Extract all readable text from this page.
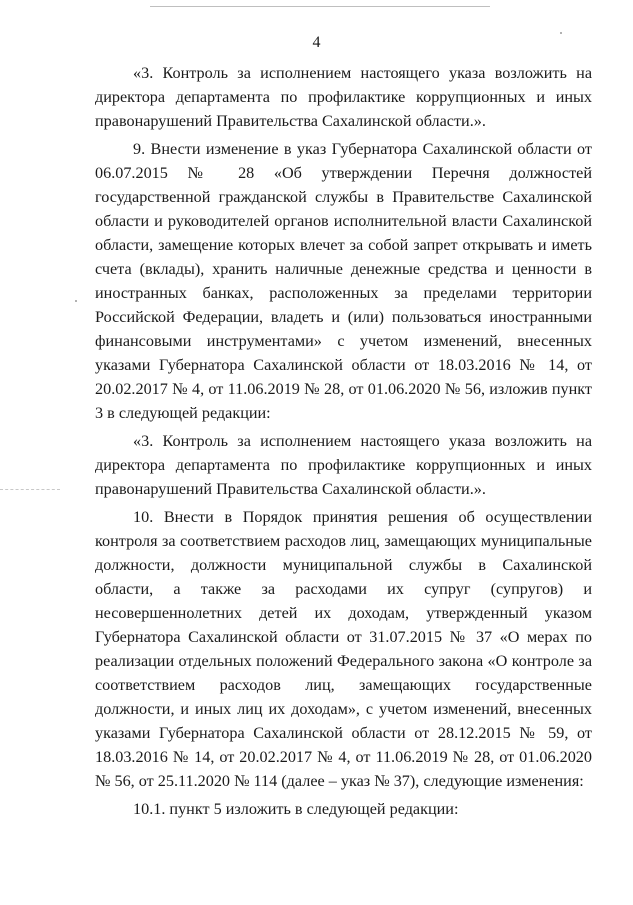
4

«3. Контроль за исполнением настоящего указа возложить на директора департамента по профилактике коррупционных и иных правонарушений Правительства Сахалинской области.».

9. Внести изменение в указ Губернатора Сахалинской области от 06.07.2015 № 28 «Об утверждении Перечня должностей государственной гражданской службы в Правительстве Сахалинской области и руководителей органов исполнительной власти Сахалинской области, замещение которых влечет за собой запрет открывать и иметь счета (вклады), хранить наличные денежные средства и ценности в иностранных банках, расположенных за пределами территории Российской Федерации, владеть и (или) пользоваться иностранными финансовыми инструментами» с учетом изменений, внесенных указами Губернатора Сахалинской области от 18.03.2016 № 14, от 20.02.2017 № 4, от 11.06.2019 № 28, от 01.06.2020 № 56, изложив пункт 3 в следующей редакции:

«3. Контроль за исполнением настоящего указа возложить на директора департамента по профилактике коррупционных и иных правонарушений Правительства Сахалинской области.».

10. Внести в Порядок принятия решения об осуществлении контроля за соответствием расходов лиц, замещающих муниципальные должности, должности муниципальной службы в Сахалинской области, а также за расходами их супруг (супругов) и несовершеннолетних детей их доходам, утвержденный указом Губернатора Сахалинской области от 31.07.2015 № 37 «О мерах по реализации отдельных положений Федерального закона «О контроле за соответствием расходов лиц, замещающих государственные должности, и иных лиц их доходам», с учетом изменений, внесенных указами Губернатора Сахалинской области от 28.12.2015 № 59, от 18.03.2016 № 14, от 20.02.2017 № 4, от 11.06.2019 № 28, от 01.06.2020 № 56, от 25.11.2020 № 114 (далее – указ № 37), следующие изменения:

10.1. пункт 5 изложить в следующей редакции:
